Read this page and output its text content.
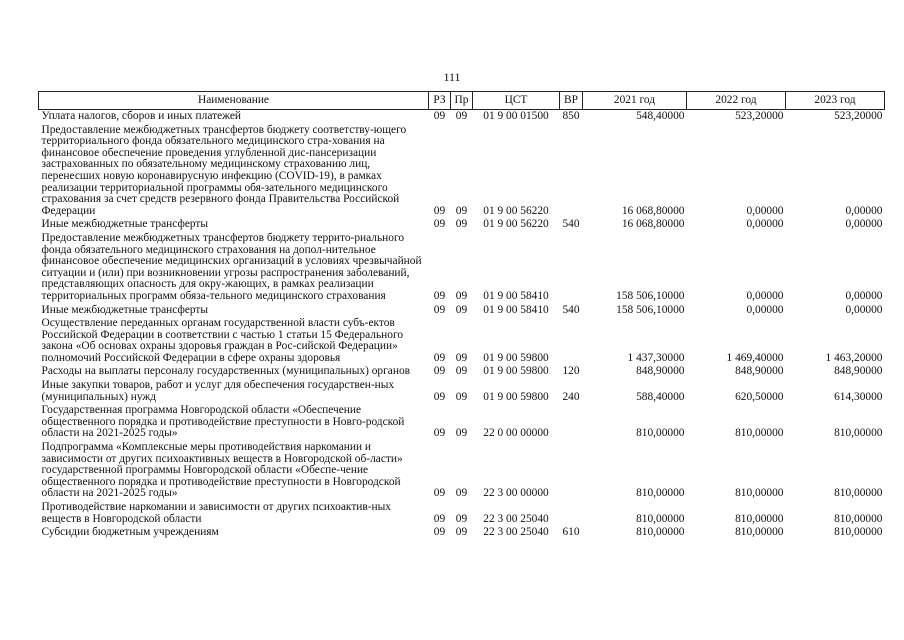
111
Наименование	РЗ	Пр	ЦСТ	ВР	2021 год	2022 год	2023 год
Уплата налогов, сборов и иных платежей	09	09	01 9 00 01500	850	548,40000	523,20000	523,20000
Предоставление межбюджетных трансфертов бюджету соответству-ющего территориального фонда обязательного медицинского стра-хования на финансовое обеспечение проведения углубленной дис-пансеризации застрахованных по обязательному медицинскому страхованию лиц, перенесших новую коронавирусную инфекцию (COVID-19), в рамках реализации территориальной программы обя-зательного медицинского страхования за счет средств резервного фонда Правительства Российской Федерации	09	09	01 9 00 56220		16 068,80000	0,00000	0,00000
Иные межбюджетные трансферты	09	09	01 9 00 56220	540	16 068,80000	0,00000	0,00000
Предоставление межбюджетных трансфертов бюджету террито-риального фонда обязательного медицинского страхования на допол-нительное финансовое обеспечение медицинских организаций в условиях чрезвычайной ситуации и (или) при возникновении угрозы распространения заболеваний, представляющих опасность для окру-жающих, в рамках реализации территориальных программ обяза-тельного медицинского страхования	09	09	01 9 00 58410		158 506,10000	0,00000	0,00000
Иные межбюджетные трансферты	09	09	01 9 00 58410	540	158 506,10000	0,00000	0,00000
Осуществление переданных органам государственной власти субъ-ектов Российской Федерации в соответствии с частью 1 статьи 15 Федерального закона «Об основах охраны здоровья граждан в Рос-сийской Федерации» полномочий Российской Федерации в сфере охраны здоровья	09	09	01 9 00 59800		1 437,30000	1 469,40000	1 463,20000
Расходы на выплаты персоналу государственных (муниципальных) органов	09	09	01 9 00 59800	120	848,90000	848,90000	848,90000
Иные закупки товаров, работ и услуг для обеспечения государствен-ных (муниципальных) нужд	09	09	01 9 00 59800	240	588,40000	620,50000	614,30000
Государственная программа Новгородской области «Обеспечение общественного порядка и противодействие преступности в Новго-родской области на 2021-2025 годы»	09	09	22 0 00 00000		810,00000	810,00000	810,00000
Подпрограмма «Комплексные меры противодействия наркомании и зависимости от других психоактивных веществ в Новгородской об-ласти» государственной программы Новгородской области «Обеспе-чение общественного порядка и противодействие преступности в Новгородской области на 2021-2025 годы»	09	09	22 3 00 00000		810,00000	810,00000	810,00000
Противодействие наркомании и зависимости от других психоактив-ных веществ в Новгородской области	09	09	22 3 00 25040		810,00000	810,00000	810,00000
Субсидии бюджетным учреждениям	09	09	22 3 00 25040	610	810,00000	810,00000	810,00000
